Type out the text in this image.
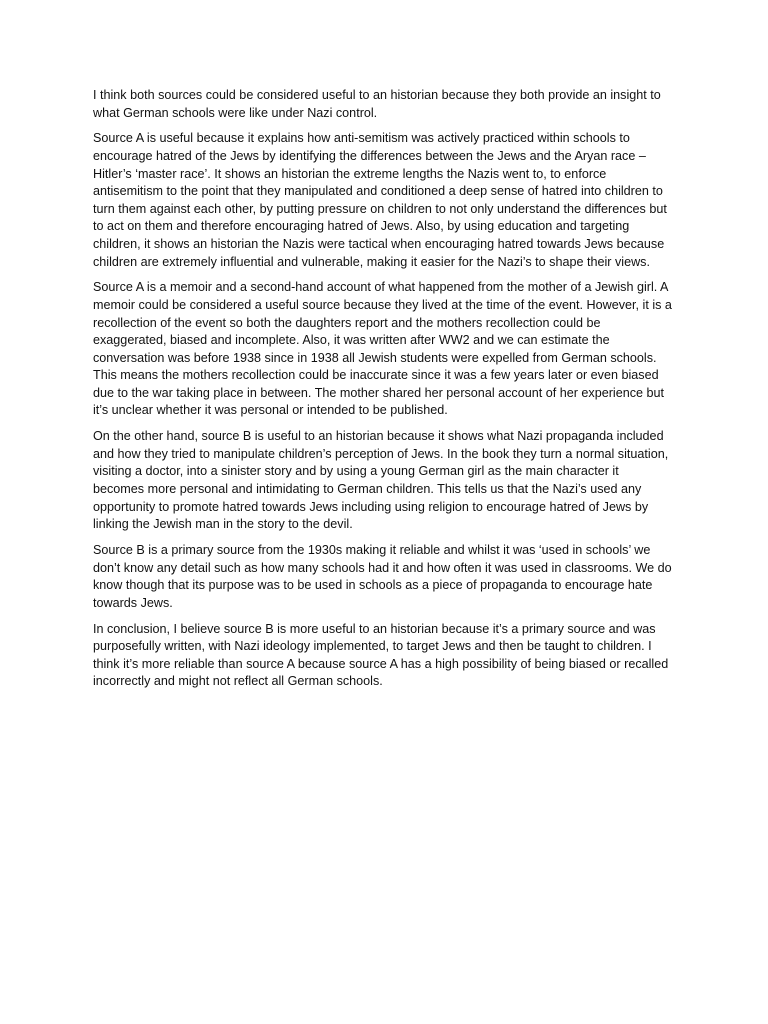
I think both sources could be considered useful to an historian because they both provide an insight to what German schools were like under Nazi control.

Source A is useful because it explains how anti-semitism was actively practiced within schools to encourage hatred of the Jews by identifying the differences between the Jews and the Aryan race – Hitler’s ‘master race’. It shows an historian the extreme lengths the Nazis went to, to enforce antisemitism to the point that they manipulated and conditioned a deep sense of hatred into children to turn them against each other, by putting pressure on children to not only understand the differences but to act on them and therefore encouraging hatred of Jews. Also, by using education and targeting children, it shows an historian the Nazis were tactical when encouraging hatred towards Jews because children are extremely influential and vulnerable, making it easier for the Nazi’s to shape their views.

Source A is a memoir and a second-hand account of what happened from the mother of a Jewish girl. A memoir could be considered a useful source because they lived at the time of the event. However, it is a recollection of the event so both the daughters report and the mothers recollection could be exaggerated, biased and incomplete. Also, it was written after WW2 and we can estimate the conversation was before 1938 since in 1938 all Jewish students were expelled from German schools. This means the mothers recollection could be inaccurate since it was a few years later or even biased due to the war taking place in between. The mother shared her personal account of her experience but it’s unclear whether it was personal or intended to be published.

On the other hand, source B is useful to an historian because it shows what Nazi propaganda included and how they tried to manipulate children’s perception of Jews. In the book they turn a normal situation, visiting a doctor, into a sinister story and by using a young German girl as the main character it becomes more personal and intimidating to German children. This tells us that the Nazi’s used any opportunity to promote hatred towards Jews including using religion to encourage hatred of Jews by linking the Jewish man in the story to the devil.

Source B is a primary source from the 1930s making it reliable and whilst it was ‘used in schools’ we don’t know any detail such as how many schools had it and how often it was used in classrooms. We do know though that its purpose was to be used in schools as a piece of propaganda to encourage hate towards Jews.

In conclusion, I believe source B is more useful to an historian because it’s a primary source and was purposefully written, with Nazi ideology implemented, to target Jews and then be taught to children. I think it’s more reliable than source A because source A has a high possibility of being biased or recalled incorrectly and might not reflect all German schools.
